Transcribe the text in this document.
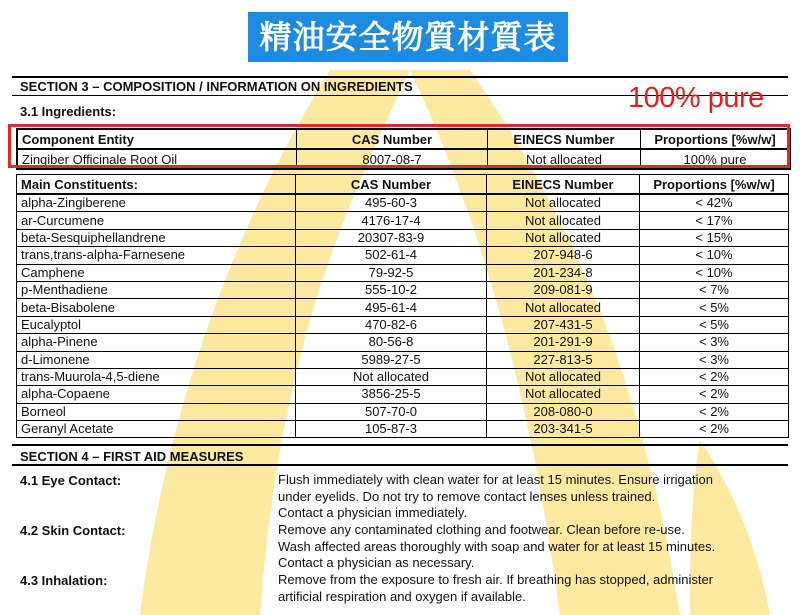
精油安全物質材質表
SECTION 3 – COMPOSITION / INFORMATION ON INGREDIENTS
3.1 Ingredients:	100% pure
Component Entity	CAS Number	EINECS Number	Proportions [%w/w]
Zingiber Officinale Root Oil	8007-08-7	Not allocated	100% pure
Main Constituents:	CAS Number	EINECS Number	Proportions [%w/w]
alpha-Zingiberene	495-60-3	Not allocated	< 42%
ar-Curcumene	4176-17-4	Not allocated	< 17%
beta-Sesquiphellandrene	20307-83-9	Not allocated	< 15%
trans,trans-alpha-Farnesene	502-61-4	207-948-6	< 10%
Camphene	79-92-5	201-234-8	< 10%
p-Menthadiene	555-10-2	209-081-9	< 7%
beta-Bisabolene	495-61-4	Not allocated	< 5%
Eucalyptol	470-82-6	207-431-5	< 5%
alpha-Pinene	80-56-8	201-291-9	< 3%
d-Limonene	5989-27-5	227-813-5	< 3%
trans-Muurola-4,5-diene	Not allocated	Not allocated	< 2%
alpha-Copaene	3856-25-5	Not allocated	< 2%
Borneol	507-70-0	208-080-0	< 2%
Geranyl Acetate	105-87-3	203-341-5	< 2%
SECTION 4 – FIRST AID MEASURES
4.1 Eye Contact:	Flush immediately with clean water for at least 15 minutes. Ensure irrigation
under eyelids. Do not try to remove contact lenses unless trained.
Contact a physician immediately.
4.2 Skin Contact:	Remove any contaminated clothing and footwear. Clean before re-use.
Wash affected areas thoroughly with soap and water for at least 15 minutes.
Contact a physician as necessary.
4.3 Inhalation:	Remove from the exposure to fresh air. If breathing has stopped, administer
artificial respiration and oxygen if available.
